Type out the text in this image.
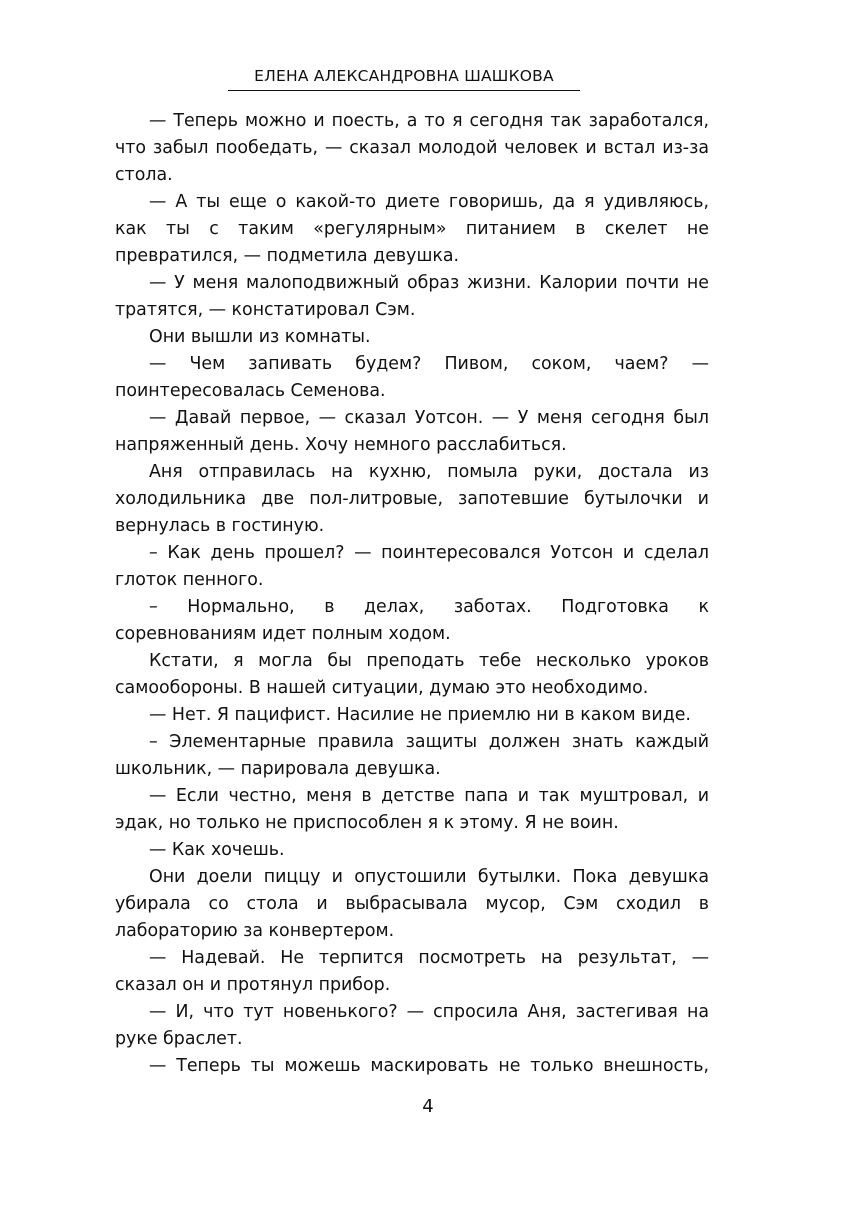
ЕЛЕНА АЛЕКСАНДРОВНА ШАШКОВА

— Теперь можно и поесть, а то я сегодня так заработался, что забыл пообедать, — сказал молодой человек и встал из-за стола.

— А ты еще о какой-то диете говоришь, да я удивляюсь, как ты с таким «регулярным» питанием в скелет не превратился, — подметила девушка.

— У меня малоподвижный образ жизни. Калории почти не тратятся, — констатировал Сэм.

Они вышли из комнаты.

— Чем запивать будем? Пивом, соком, чаем? — поинтересовалась Семенова.

— Давай первое, — сказал Уотсон. — У меня сегодня был напряженный день. Хочу немного расслабиться.

Аня отправилась на кухню, помыла руки, достала из холодильника две пол-литровые, запотевшие бутылочки и вернулась в гостиную.

– Как день прошел? — поинтересовался Уотсон и сделал глоток пенного.

– Нормально, в делах, заботах. Подготовка к соревнованиям идет полным ходом.

Кстати, я могла бы преподать тебе несколько уроков самообороны. В нашей ситуации, думаю это необходимо.

— Нет. Я пацифист. Насилие не приемлю ни в каком виде.

– Элементарные правила защиты должен знать каждый школьник, — парировала девушка.

— Если честно, меня в детстве папа и так муштровал, и эдак, но только не приспособлен я к этому. Я не воин.

— Как хочешь.

Они доели пиццу и опустошили бутылки. Пока девушка убирала со стола и выбрасывала мусор, Сэм сходил в лабораторию за конвертером.

— Надевай. Не терпится посмотреть на результат, — сказал он и протянул прибор.

— И, что тут новенького? — спросила Аня, застегивая на руке браслет.

— Теперь ты можешь маскировать не только внешность,

4
